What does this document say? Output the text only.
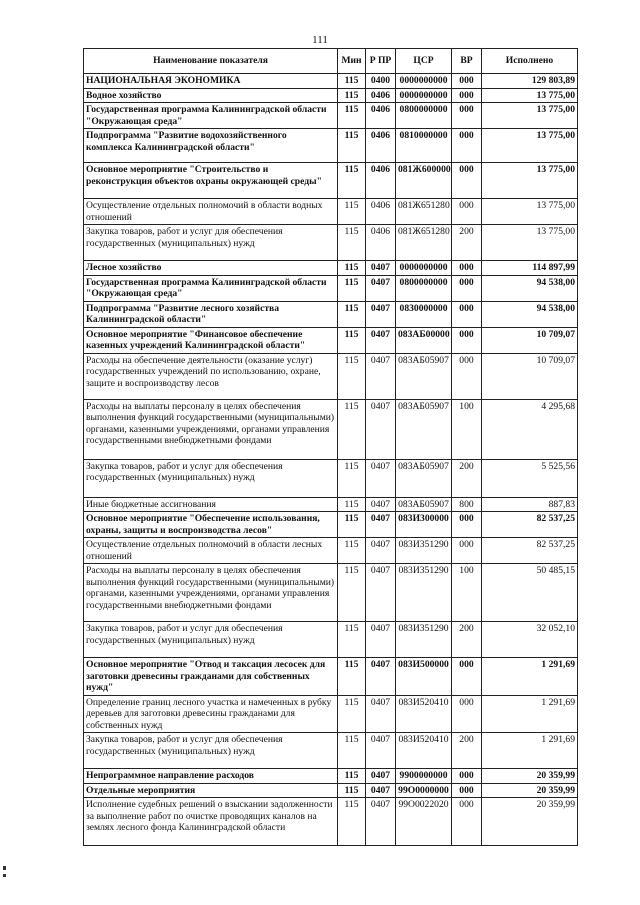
111
Наименование показателя	Мин	Р ПР	ЦСР	ВР	Исполнено
НАЦИОНАЛЬНАЯ ЭКОНОМИКА	115	0400	0000000000	000	129 803,89
Водное хозяйство	115	0406	0000000000	000	13 775,00
Государственная программа Калининградской области "Окружающая среда"	115	0406	0800000000	000	13 775,00
Подпрограмма "Развитие водохозяйственного комплекса Калининградской области"	115	0406	0810000000	000	13 775,00
Основное мероприятие "Строительство и реконструкция объектов охраны окружающей среды"	115	0406	081Ж600000	000	13 775,00
Осуществление отдельных полномочий в области водных отношений	115	0406	081Ж651280	000	13 775,00
Закупка товаров, работ и услуг для обеспечения государственных (муниципальных) нужд	115	0406	081Ж651280	200	13 775,00
Лесное хозяйство	115	0407	0000000000	000	114 897,99
Государственная программа Калининградской области "Окружающая среда"	115	0407	0800000000	000	94 538,00
Подпрограмма "Развитие лесного хозяйства Калининградской области"	115	0407	0830000000	000	94 538,00
Основное мероприятие "Финансовое обеспечение казенных учреждений Калининградской области"	115	0407	083АБ00000	000	10 709,07
Расходы на обеспечение деятельности (оказание услуг) государственных учреждений по использованию, охране, защите и воспроизводству лесов	115	0407	083АБ05907	000	10 709,07
Расходы на выплаты персоналу в целях обеспечения выполнения функций государственными (муниципальными) органами, казенными учреждениями, органами управления государственными внебюджетными фондами	115	0407	083АБ05907	100	4 295,68
Закупка товаров, работ и услуг для обеспечения государственных (муниципальных) нужд	115	0407	083АБ05907	200	5 525,56
Иные бюджетные ассигнования	115	0407	083АБ05907	800	887,83
Основное мероприятие "Обеспечение использования, охраны, защиты и воспроизводства лесов"	115	0407	083И300000	000	82 537,25
Осуществление отдельных полномочий в области лесных отношений	115	0407	083И351290	000	82 537,25
Расходы на выплаты персоналу в целях обеспечения выполнения функций государственными (муниципальными) органами, казенными учреждениями, органами управления государственными внебюджетными фондами	115	0407	083И351290	100	50 485,15
Закупка товаров, работ и услуг для обеспечения государственных (муниципальных) нужд	115	0407	083И351290	200	32 052,10
Основное мероприятие "Отвод и таксация лесосек для заготовки древесины гражданами для собственных нужд"	115	0407	083И500000	000	1 291,69
Определение границ лесного участка и намеченных в рубку деревьев для заготовки древесины гражданами для собственных нужд	115	0407	083И520410	000	1 291,69
Закупка товаров, работ и услуг для обеспечения государственных (муниципальных) нужд	115	0407	083И520410	200	1 291,69
Непрограммное направление расходов	115	0407	9900000000	000	20 359,99
Отдельные мероприятия	115	0407	99О0000000	000	20 359,99
Исполнение судебных решений о взыскании задолженности за выполнение работ по очистке проводящих каналов на землях лесного фонда Калининградской области	115	0407	99О0022020	000	20 359,99
